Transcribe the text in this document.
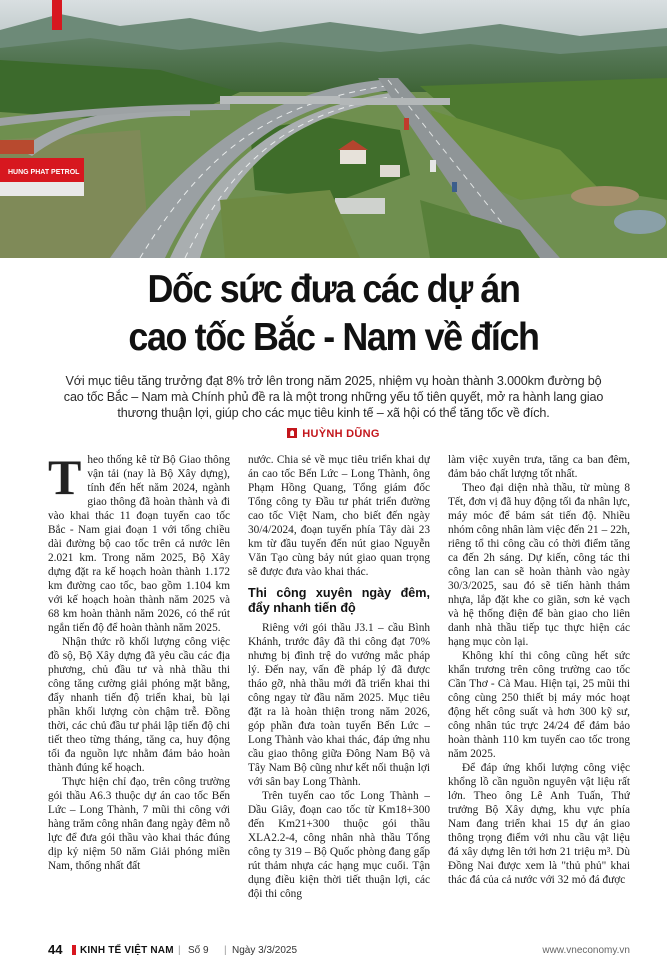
HUNG PHAT PETROL
Dốc sức đưa các dự án
cao tốc Bắc - Nam về đích
Với mục tiêu tăng trưởng đạt 8% trở lên trong năm 2025, nhiệm vụ hoàn thành 3.000km đường bộ
cao tốc Bắc – Nam mà Chính phủ đề ra là một trong những yếu tố tiên quyết, mở ra hành lang giao
thương thuận lợi, giúp cho các mục tiêu kinh tế – xã hội có thể tăng tốc về đích.
HUỲNH DŨNG

Theo thống kê từ Bộ Giao thông vận tải (nay là Bộ Xây dựng), tính đến hết năm 2024, ngành giao thông đã hoàn thành và đi vào khai thác 11 đoạn tuyến cao tốc Bắc - Nam giai đoạn 1 với tổng chiều dài đường bộ cao tốc trên cả nước lên 2.021 km. Trong năm 2025, Bộ Xây dựng đặt ra kế hoạch hoàn thành 1.172 km đường cao tốc, bao gồm 1.104 km với kế hoạch hoàn thành năm 2025 và 68 km hoàn thành năm 2026, có thể rút ngắn tiến độ để hoàn thành năm 2025.

Nhận thức rõ khối lượng công việc đồ sộ, Bộ Xây dựng đã yêu cầu các địa phương, chủ đầu tư và nhà thầu thi công tăng cường giải phóng mặt bằng, đẩy nhanh tiến độ triển khai, bù lại phần khối lượng còn chậm trễ. Đồng thời, các chủ đầu tư phải lập tiến độ chi tiết theo từng tháng, tăng ca, huy động tối đa nguồn lực nhằm đảm bảo hoàn thành đúng kế hoạch.

Thực hiện chỉ đạo, trên công trường gói thầu A6.3 thuộc dự án cao tốc Bến Lức – Long Thành, 7 mũi thi công với hàng trăm công nhân đang ngày đêm nỗ lực để đưa gói thầu vào khai thác đúng dịp kỷ niệm 50 năm Giải phóng miền Nam, thống nhất đất

nước. Chia sẻ về mục tiêu triển khai dự án cao tốc Bến Lức – Long Thành, ông Phạm Hồng Quang, Tổng giám đốc Tổng công ty Đầu tư phát triển đường cao tốc Việt Nam, cho biết đến ngày 30/4/2024, đoạn tuyến phía Tây dài 23 km từ đầu tuyến đến nút giao Nguyễn Văn Tạo cùng bảy nút giao quan trọng sẽ được đưa vào khai thác.

Thi công xuyên ngày đêm, đẩy nhanh tiến độ

Riêng với gói thầu J3.1 – cầu Bình Khánh, trước đây đã thi công đạt 70% nhưng bị đình trệ do vướng mắc pháp lý. Đến nay, vấn đề pháp lý đã được tháo gỡ, nhà thầu mới đã triển khai thi công ngay từ đầu năm 2025. Mục tiêu đặt ra là hoàn thiện trong năm 2026, góp phần đưa toàn tuyến Bến Lức – Long Thành vào khai thác, đáp ứng nhu cầu giao thông giữa Đông Nam Bộ và Tây Nam Bộ cũng như kết nối thuận lợi với sân bay Long Thành.

Trên tuyến cao tốc Long Thành – Dầu Giây, đoạn cao tốc từ Km18+300 đến Km21+300 thuộc gói thầu XLA2.2-4, công nhân nhà thầu Tổng công ty 319 – Bộ Quốc phòng đang gấp rút thảm nhựa các hạng mục cuối. Tận dụng điều kiện thời tiết thuận lợi, các đội thi công

làm việc xuyên trưa, tăng ca ban đêm, đảm bảo chất lượng tốt nhất.

Theo đại diện nhà thầu, từ mùng 8 Tết, đơn vị đã huy động tối đa nhân lực, máy móc để bám sát tiến độ. Nhiều nhóm công nhân làm việc đến 21 – 22h, riêng tổ thi công cầu có thời điểm tăng ca đến 2h sáng. Dự kiến, công tác thi công lan can sẽ hoàn thành vào ngày 30/3/2025, sau đó sẽ tiến hành thảm nhựa, lắp đặt khe co giãn, sơn kẻ vạch và hệ thống điện để bàn giao cho liên danh nhà thầu tiếp tục thực hiện các hạng mục còn lại.

Không khí thi công cũng hết sức khẩn trương trên công trường cao tốc Cần Thơ - Cà Mau. Hiện tại, 25 mũi thi công cùng 250 thiết bị máy móc hoạt động hết công suất và hơn 300 kỹ sư, công nhân túc trực 24/24 để đảm bảo hoàn thành 110 km tuyến cao tốc trong năm 2025.

Để đáp ứng khối lượng công việc khổng lồ cần nguồn nguyên vật liệu rất lớn. Theo ông Lê Anh Tuấn, Thứ trưởng Bộ Xây dựng, khu vực phía Nam đang triển khai 15 dự án giao thông trọng điểm với nhu cầu vật liệu đá xây dựng lên tới hơn 21 triệu m³. Dù Đồng Nai được xem là "thủ phủ" khai thác đá của cả nước với 32 mỏ đá được

44 KINH TẾ VIỆT NAM | Số 9 | Ngày 3/3/2025	www.vneconomy.vn
